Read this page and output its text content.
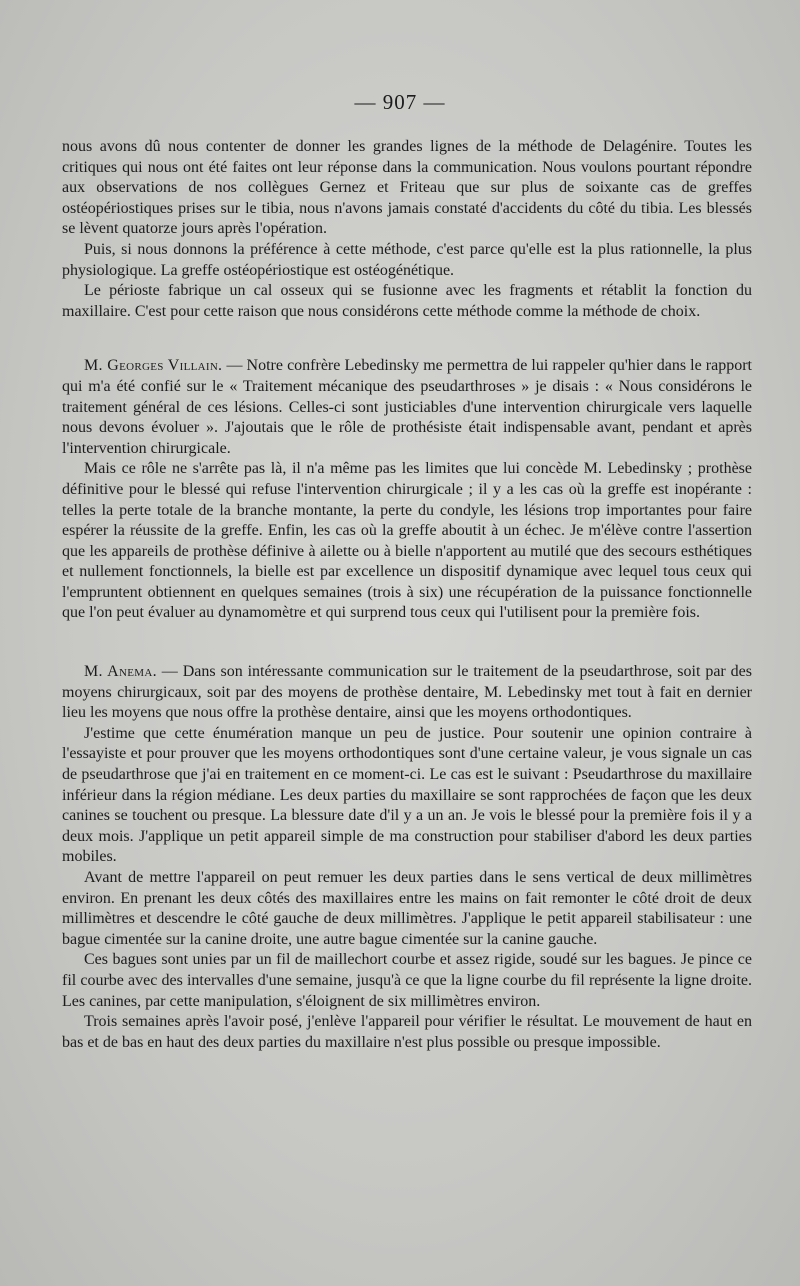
— 907 —

nous avons dû nous contenter de donner les grandes lignes de la méthode de Delagénire. Toutes les critiques qui nous ont été faites ont leur réponse dans la communication. Nous voulons pourtant répondre aux observations de nos collègues Gernez et Friteau que sur plus de soixante cas de greffes ostéopériostiques prises sur le tibia, nous n'avons jamais constaté d'accidents du côté du tibia. Les blessés se lèvent quatorze jours après l'opération.

Puis, si nous donnons la préférence à cette méthode, c'est parce qu'elle est la plus rationnelle, la plus physiologique. La greffe ostéopériostique est ostéogénétique.

Le périoste fabrique un cal osseux qui se fusionne avec les fragments et rétablit la fonction du maxillaire. C'est pour cette raison que nous considérons cette méthode comme la méthode de choix.

M. Georges Villain. — Notre confrère Lebedinsky me permettra de lui rappeler qu'hier dans le rapport qui m'a été confié sur le « Traitement mécanique des pseudarthroses » je disais : « Nous considérons le traitement général de ces lésions. Celles-ci sont justiciables d'une intervention chirurgicale vers laquelle nous devons évoluer ». J'ajoutais que le rôle de prothésiste était indispensable avant, pendant et après l'intervention chirurgicale.

Mais ce rôle ne s'arrête pas là, il n'a même pas les limites que lui concède M. Lebedinsky ; prothèse définitive pour le blessé qui refuse l'intervention chirurgicale ; il y a les cas où la greffe est inopérante : telles la perte totale de la branche montante, la perte du condyle, les lésions trop importantes pour faire espérer la réussite de la greffe. Enfin, les cas où la greffe aboutit à un échec. Je m'élève contre l'assertion que les appareils de prothèse définive à ailette ou à bielle n'apportent au mutilé que des secours esthétiques et nullement fonctionnels, la bielle est par excellence un dispositif dynamique avec lequel tous ceux qui l'empruntent obtiennent en quelques semaines (trois à six) une récupération de la puissance fonctionnelle que l'on peut évaluer au dynamomètre et qui surprend tous ceux qui l'utilisent pour la première fois.

M. Anema. — Dans son intéressante communication sur le traitement de la pseudarthrose, soit par des moyens chirurgicaux, soit par des moyens de prothèse dentaire, M. Lebedinsky met tout à fait en dernier lieu les moyens que nous offre la prothèse dentaire, ainsi que les moyens orthodontiques.

J'estime que cette énumération manque un peu de justice. Pour soutenir une opinion contraire à l'essayiste et pour prouver que les moyens orthodontiques sont d'une certaine valeur, je vous signale un cas de pseudarthrose que j'ai en traitement en ce moment-ci. Le cas est le suivant : Pseudarthrose du maxillaire inférieur dans la région médiane. Les deux parties du maxillaire se sont rapprochées de façon que les deux canines se touchent ou presque. La blessure date d'il y a un an. Je vois le blessé pour la première fois il y a deux mois. J'applique un petit appareil simple de ma construction pour stabiliser d'abord les deux parties mobiles.

Avant de mettre l'appareil on peut remuer les deux parties dans le sens vertical de deux millimètres environ. En prenant les deux côtés des maxillaires entre les mains on fait remonter le côté droit de deux millimètres et descendre le côté gauche de deux millimètres. J'applique le petit appareil stabilisateur : une bague cimentée sur la canine droite, une autre bague cimentée sur la canine gauche.

Ces bagues sont unies par un fil de maillechort courbe et assez rigide, soudé sur les bagues. Je pince ce fil courbe avec des intervalles d'une semaine, jusqu'à ce que la ligne courbe du fil représente la ligne droite. Les canines, par cette manipulation, s'éloignent de six millimètres environ.

Trois semaines après l'avoir posé, j'enlève l'appareil pour vérifier le résultat. Le mouvement de haut en bas et de bas en haut des deux parties du maxillaire n'est plus possible ou presque impossible.
